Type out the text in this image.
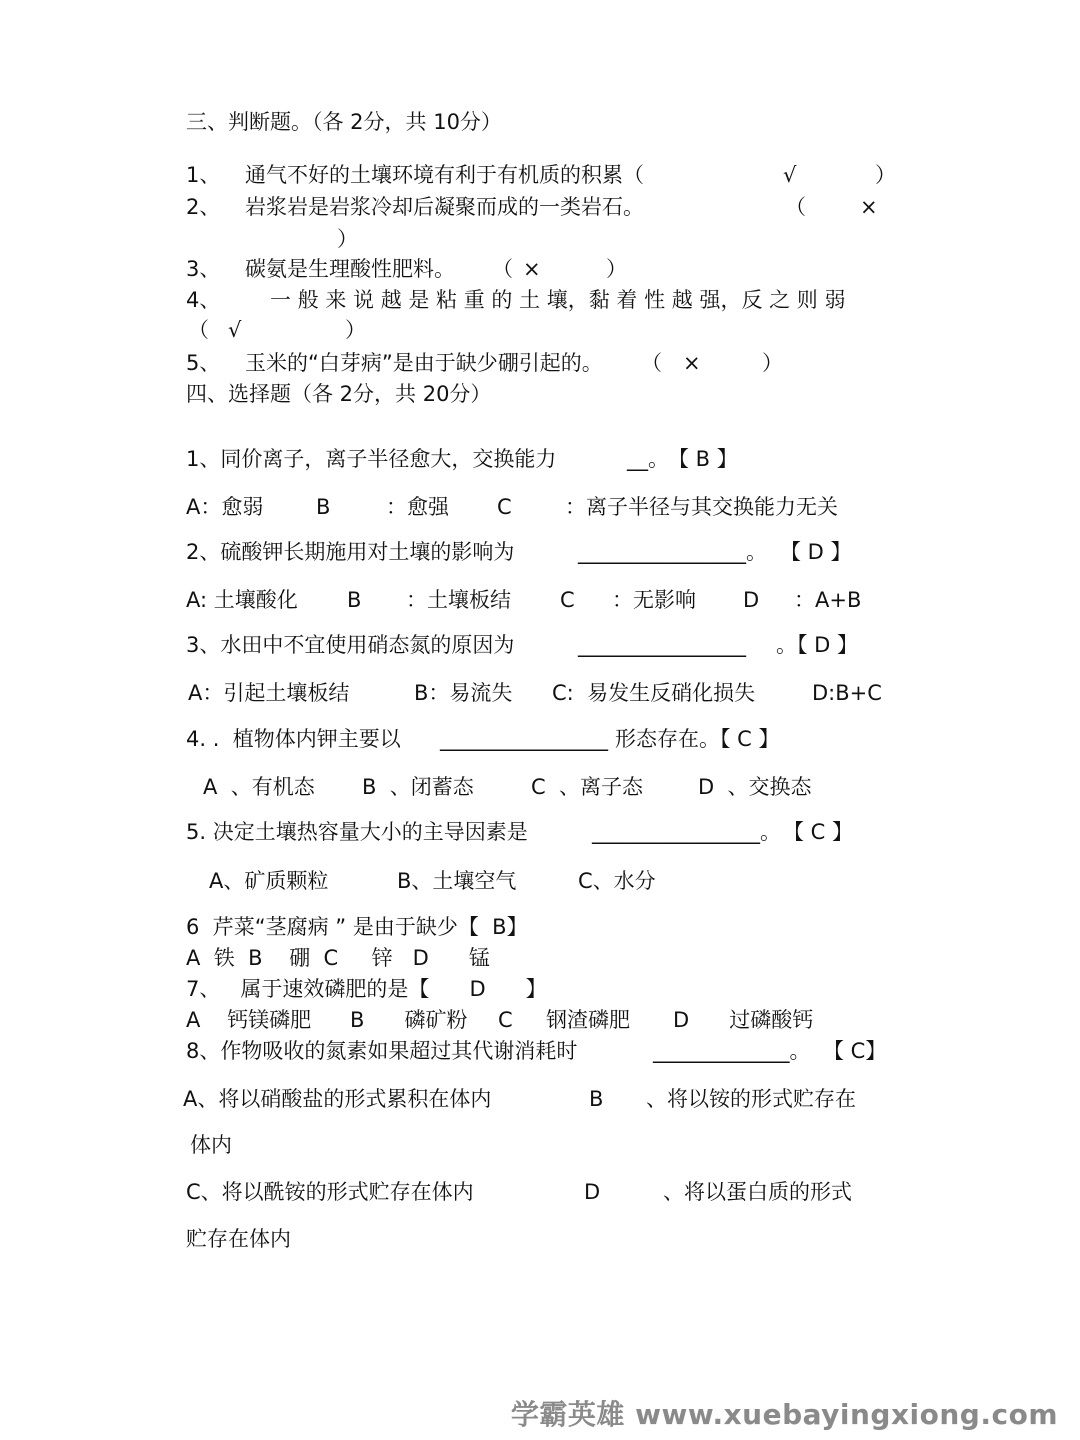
三、判断题。（各 2分，共 10分）
1、 通气不好的土壤环境有利于有机质的积累（	√	）
2、 岩浆岩是岩浆冷却后凝聚而成的一类岩石。	（	×
）
3、 碳氨是生理酸性肥料。 （ ×	）
4、 一 般 来 说 越 是 粘 重 的 土 壤，黏 着 性 越 强，反 之 则 弱
（ √	）
5、 玉米的“白芽病”是由于缺少硼引起的。 （ ×	）
四、选择题（各 2分，共 20分）
1、同价离子，离子半径愈大，交换能力	__。 【 B 】
A：愈弱	B	：愈强 C	：离子半径与其交换能力无关
2、硫酸钾长期施用对土壤的影响为	________________。 【 D 】
A: 土壤酸化 B ：土壤板结 C ：无影响 D ：A+B
3、水田中不宜使用硝态氮的原因为	________________ 。【 D 】
A：引起土壤板结	B：易流失 C:  易发生反硝化损失	D:B+C
4. .  植物体内钾主要以 ________________ 形态存在。【 C 】
A  、有机态 B  、闭蓄态	C  、离子态	D  、交换态
5. 决定土壤热容量大小的主导因素是	________________。 【 C 】
A、矿质颗粒	B、土壤空气	C、水分
6  芹菜“茎腐病 ” 是由于缺少【  B】
A  铁  B    硼  C     锌   D      锰
7、   属于速效磷肥的是【      D      】
A    钙镁磷肥 B      磷矿粉 C     钢渣磷肥 D      过磷酸钙
8、作物吸收的氮素如果超过其代谢消耗时	_____________。 【 C】
A、将以硝酸盐的形式累积在体内	B 、将以铵的形式贮存在
体内
C、将以酰铵的形式贮存在体内	D	、将以蛋白质的形式
贮存在体内
学霸英雄 www.xuebayingxiong.com
